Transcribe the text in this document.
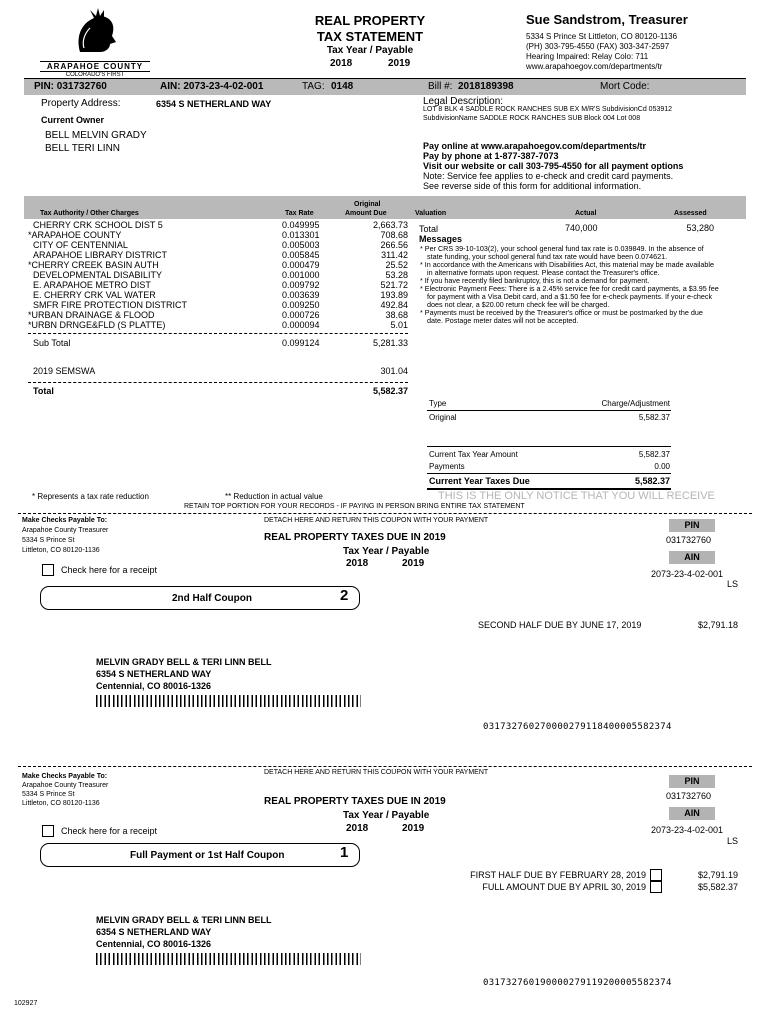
ARAPAHOE COUNTY
COLORADO'S FIRST
REAL PROPERTY
TAX STATEMENT
Tax Year / Payable
2018	2019
Sue Sandstrom, Treasurer
5334 S Prince St Littleton, CO 80120-1136
(PH) 303-795-4550 (FAX) 303-347-2597
Hearing Impaired: Relay Colo: 711
www.arapahoegov.com/departments/tr
PIN: 031732760	AIN: 2073-23-4-02-001	TAG: 0148	Bill #: 2018189398	Mort Code:
Property Address:	6354 S NETHERLAND WAY
Current Owner
BELL MELVIN GRADY
BELL TERI LINN
Legal Description:
LOT 8 BLK 4 SADDLE ROCK RANCHES SUB EX M/R'S SubdivisionCd 053912
SubdivisionName SADDLE ROCK RANCHES SUB Block 004 Lot 008
Pay online at www.arapahoegov.com/departments/tr
Pay by phone at 1-877-387-7073
Visit our website or call 303-795-4550 for all payment options
Note: Service fee applies to e-check and credit card payments.
See reverse side of this form for additional information.
Tax Authority / Other Charges	Tax Rate
Original
Amount Due	Valuation	Actual	Assessed
CHERRY CRK SCHOOL DIST 5	0.049995	2,663.73
*ARAPAHOE COUNTY	0.013301	708.68
CITY OF CENTENNIAL	0.005003	266.56
ARAPAHOE LIBRARY DISTRICT	0.005845	311.42
*CHERRY CREEK BASIN AUTH	0.000479	25.52
DEVELOPMENTAL DISABILITY	0.001000	53.28
E. ARAPAHOE METRO DIST	0.009792	521.72
E. CHERRY CRK VAL WATER	0.003639	193.89
SMFR FIRE PROTECTION DISTRICT	0.009250	492.84
*URBAN DRAINAGE & FLOOD	0.000726	38.68
*URBN DRNGE&FLD (S PLATTE)	0.000094	5.01
Sub Total	0.099124	5,281.33
2019 SEMSWA	301.04
Total	5,582.37
Total	740,000	53,280
Messages

* Per CRS 39-10-103(2), your school general fund tax rate is 0.039849. In the absence of state funding, your school general fund tax rate would have been 0.074621.

* In accordance with the Americans with Disabilities Act, this material may be made available in alternative formats upon request. Please contact the Treasurer's office.

* If you have recently filed bankruptcy, this is not a demand for payment.

* Electronic Payment Fees: There is a 2.45% service fee for credit card payments, a $3.95 fee for payment with a Visa Debit card, and a $1.50 fee for e-check payments. If your e-check does not clear, a $20.00 return check fee will be charged.

* Payments must be received by the Treasurer's office or must be postmarked by the due date. Postage meter dates will not be accepted.

Type	Charge/Adjustment
Original	5,582.37
Current Tax Year Amount	5,582.37
Payments	0.00
Current Year Taxes Due	5,582.37
* Represents a tax rate reduction	** Reduction in actual value	THIS IS THE ONLY NOTICE THAT YOU WILL RECEIVE
RETAIN TOP PORTION FOR YOUR RECORDS - IF PAYING IN PERSON BRING ENTIRE TAX STATEMENT
Make Checks Payable To:
Arapahoe County Treasurer
5334 S Prince St
Littleton, CO 80120-1136
DETACH HERE AND RETURN THIS COUPON WITH YOUR PAYMENT
REAL PROPERTY TAXES DUE IN 2019
Tax Year / Payable
2018	2019
PIN
031732760
AIN
2073-23-4-02-001
LS
Check here for a receipt
2nd Half Coupon	2
SECOND HALF DUE BY JUNE 17, 2019	$2,791.18
MELVIN GRADY BELL & TERI LINN BELL
6354 S NETHERLAND WAY
Centennial, CO 80016-1326
031732760270000279118400005582374
DETACH HERE AND RETURN THIS COUPON WITH YOUR PAYMENT
Make Checks Payable To:
Arapahoe County Treasurer
5334 S Prince St
Littleton, CO 80120-1136	REAL PROPERTY TAXES DUE IN 2019
Tax Year / Payable
2018	2019
PIN
031732760
AIN
2073-23-4-02-001
LS
Check here for a receipt
Full Payment or 1st Half Coupon	1
FIRST HALF DUE BY FEBRUARY 28, 2019	$2,791.19
FULL AMOUNT DUE BY APRIL 30, 2019	$5,582.37
MELVIN GRADY BELL & TERI LINN BELL
6354 S NETHERLAND WAY
Centennial, CO 80016-1326
031732760190000279119200005582374
102927
